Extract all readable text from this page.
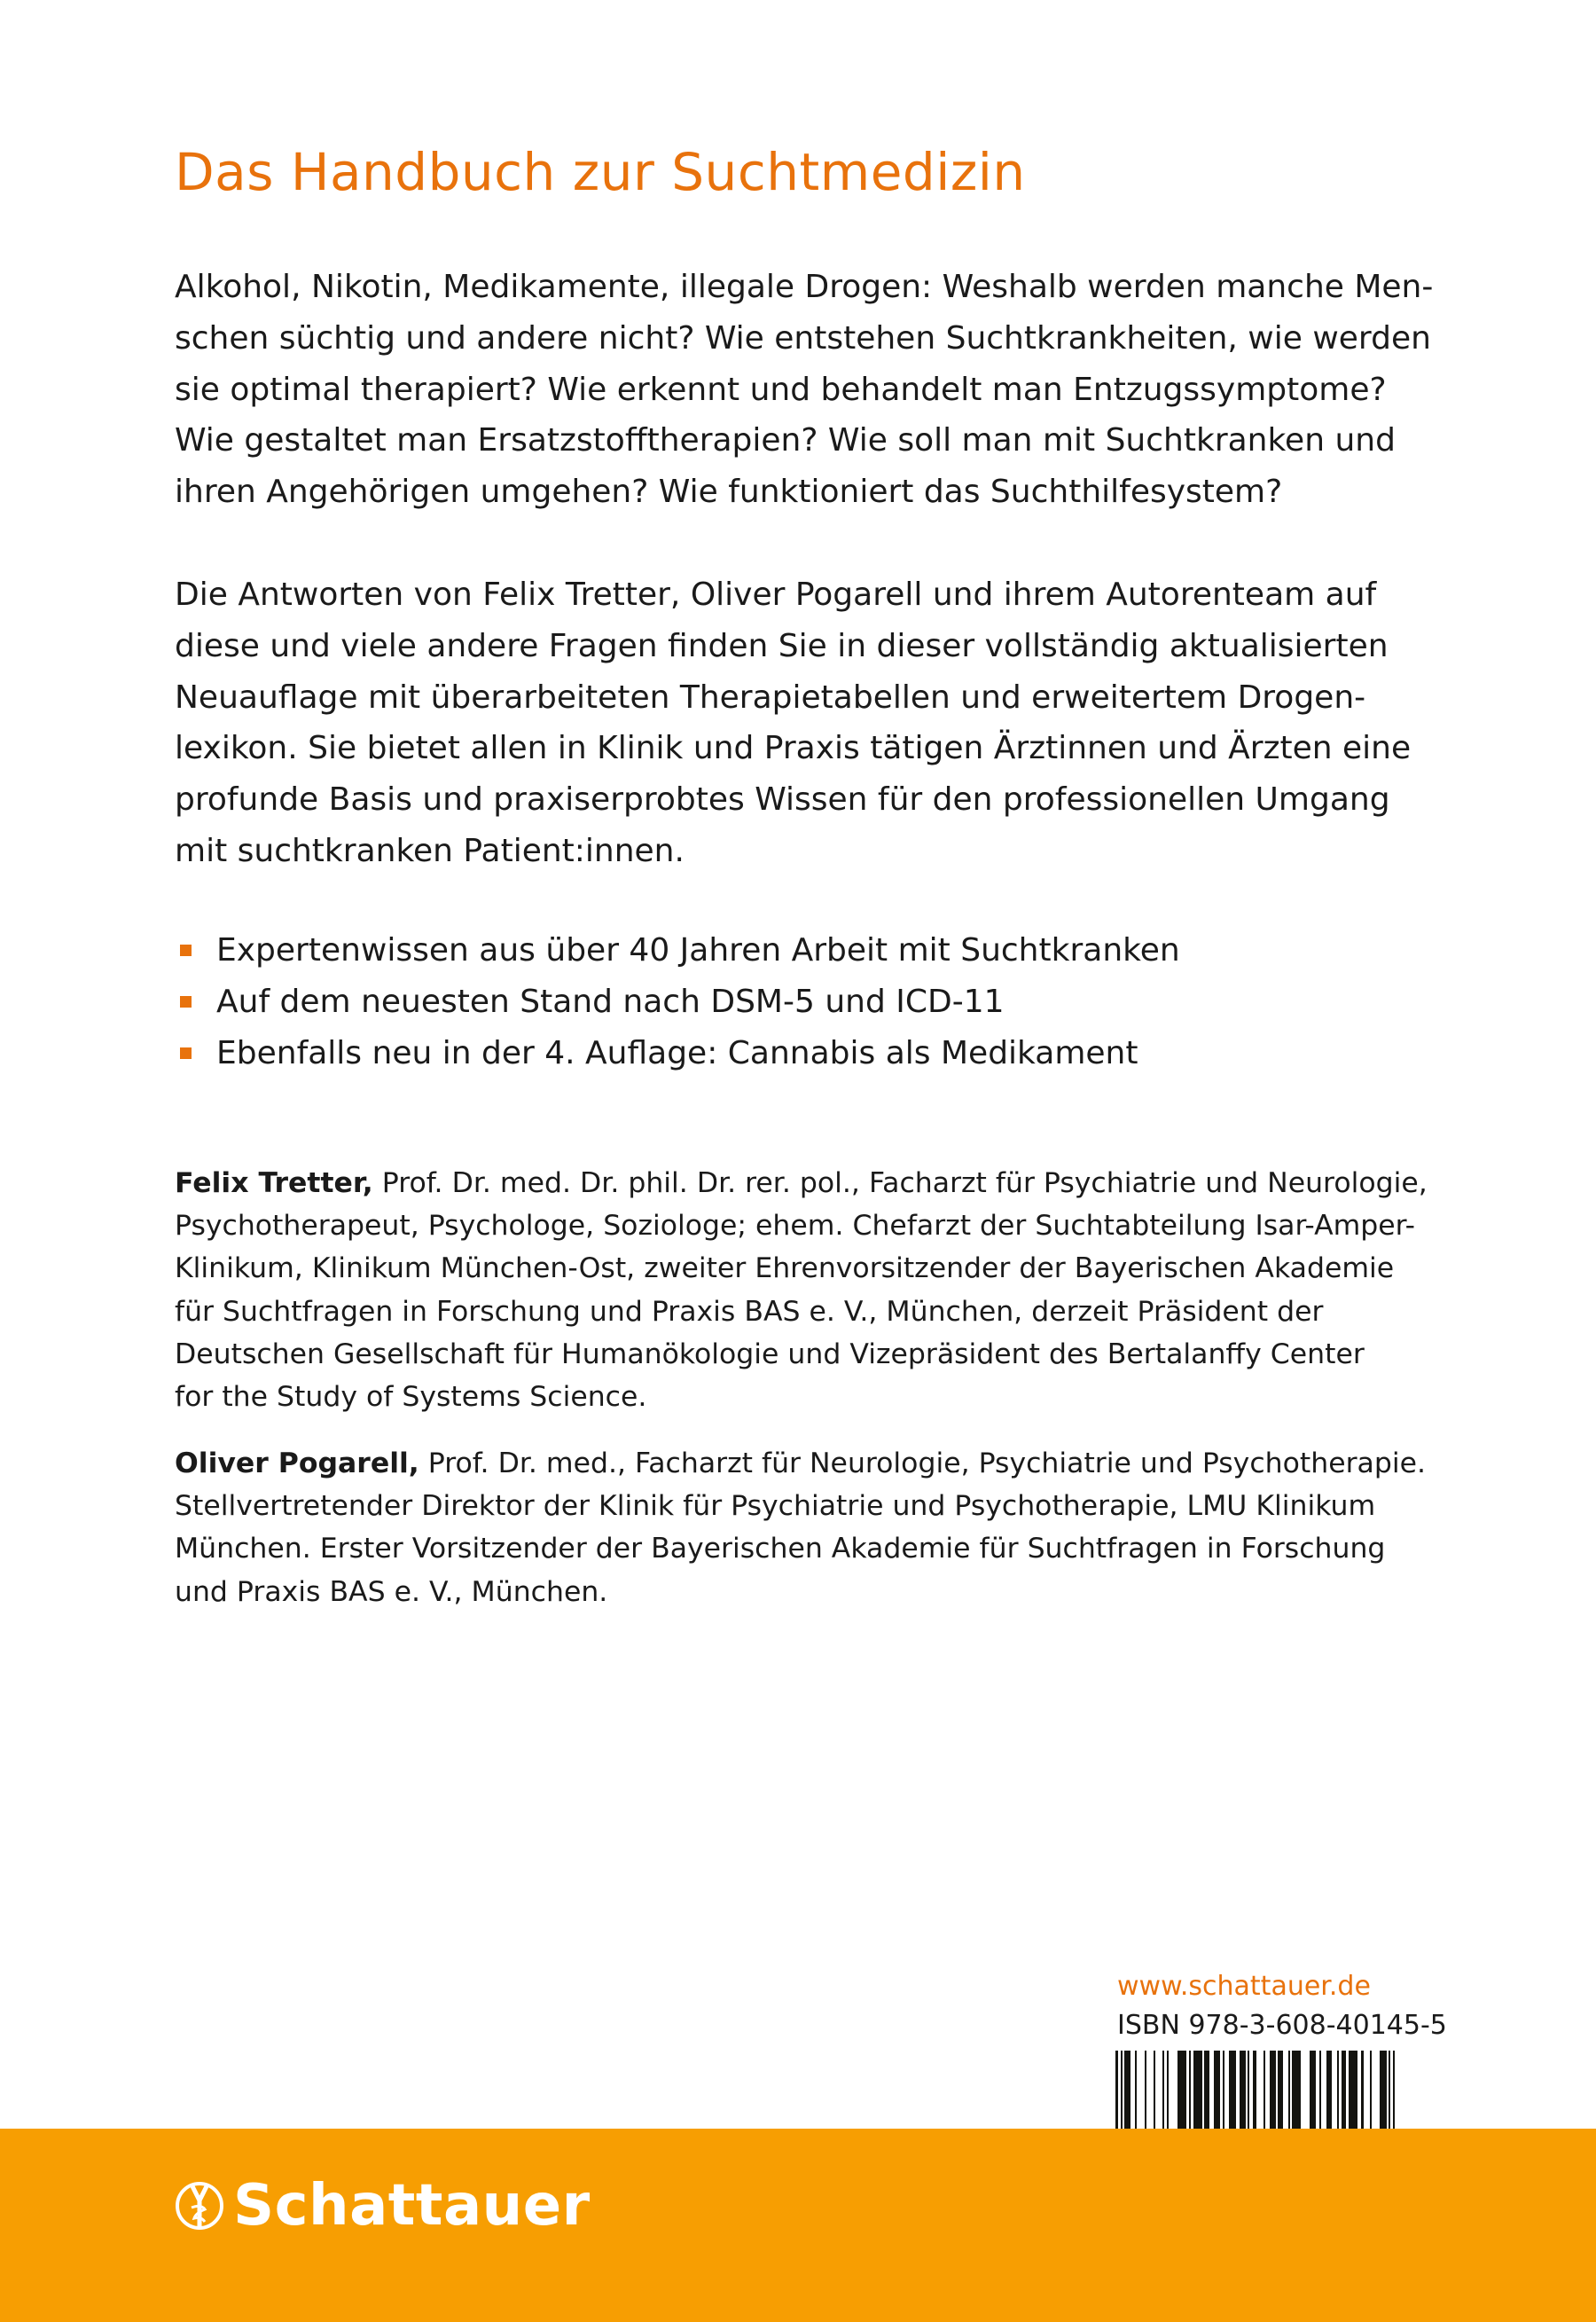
Das Handbuch zur Suchtmedizin
Alkohol, Nikotin, Medikamente, illegale Drogen: Weshalb werden manche Men-
schen süchtig und andere nicht? Wie entstehen Suchtkrankheiten, wie werden
sie optimal therapiert? Wie erkennt und behandelt man Entzugssymptome?
Wie gestaltet man Ersatzstofftherapien? Wie soll man mit Suchtkranken und
ihren Angehörigen umgehen? Wie funktioniert das Suchthilfesystem?
Die Antworten von Felix Tretter, Oliver Pogarell und ihrem Autorenteam auf
diese und viele andere Fragen finden Sie in dieser vollständig aktualisierten
Neuauflage mit überarbeiteten Therapietabellen und erweitertem Drogen-
lexikon. Sie bietet allen in Klinik und Praxis tätigen Ärztinnen und Ärzten eine
profunde Basis und praxiserprobtes Wissen für den professionellen Umgang
mit suchtkranken Patient:innen.
Expertenwissen aus über 40 Jahren Arbeit mit Suchtkranken
Auf dem neuesten Stand nach DSM-5 und ICD-11
Ebenfalls neu in der 4. Auflage: Cannabis als Medikament
Felix Tretter, Prof. Dr. med. Dr. phil. Dr. rer. pol., Facharzt für Psychiatrie und Neurologie,
Psychotherapeut, Psychologe, Soziologe; ehem. Chefarzt der Suchtabteilung Isar-Amper-
Klinikum, Klinikum München-Ost, zweiter Ehrenvorsitzender der Bayerischen Akademie
für Suchtfragen in Forschung und Praxis BAS e. V., München, derzeit Präsident der
Deutschen Gesellschaft für Humanökologie und Vizepräsident des Bertalanffy Center
for the Study of Systems Science.
Oliver Pogarell, Prof. Dr. med., Facharzt für Neurologie, Psychiatrie und Psychotherapie.
Stellvertretender Direktor der Klinik für Psychiatrie und Psychotherapie, LMU Klinikum
München. Erster Vorsitzender der Bayerischen Akademie für Suchtfragen in Forschung
und Praxis BAS e. V., München.
www.schattauer.de
ISBN 978-3-608-40145-5
Schattauer
